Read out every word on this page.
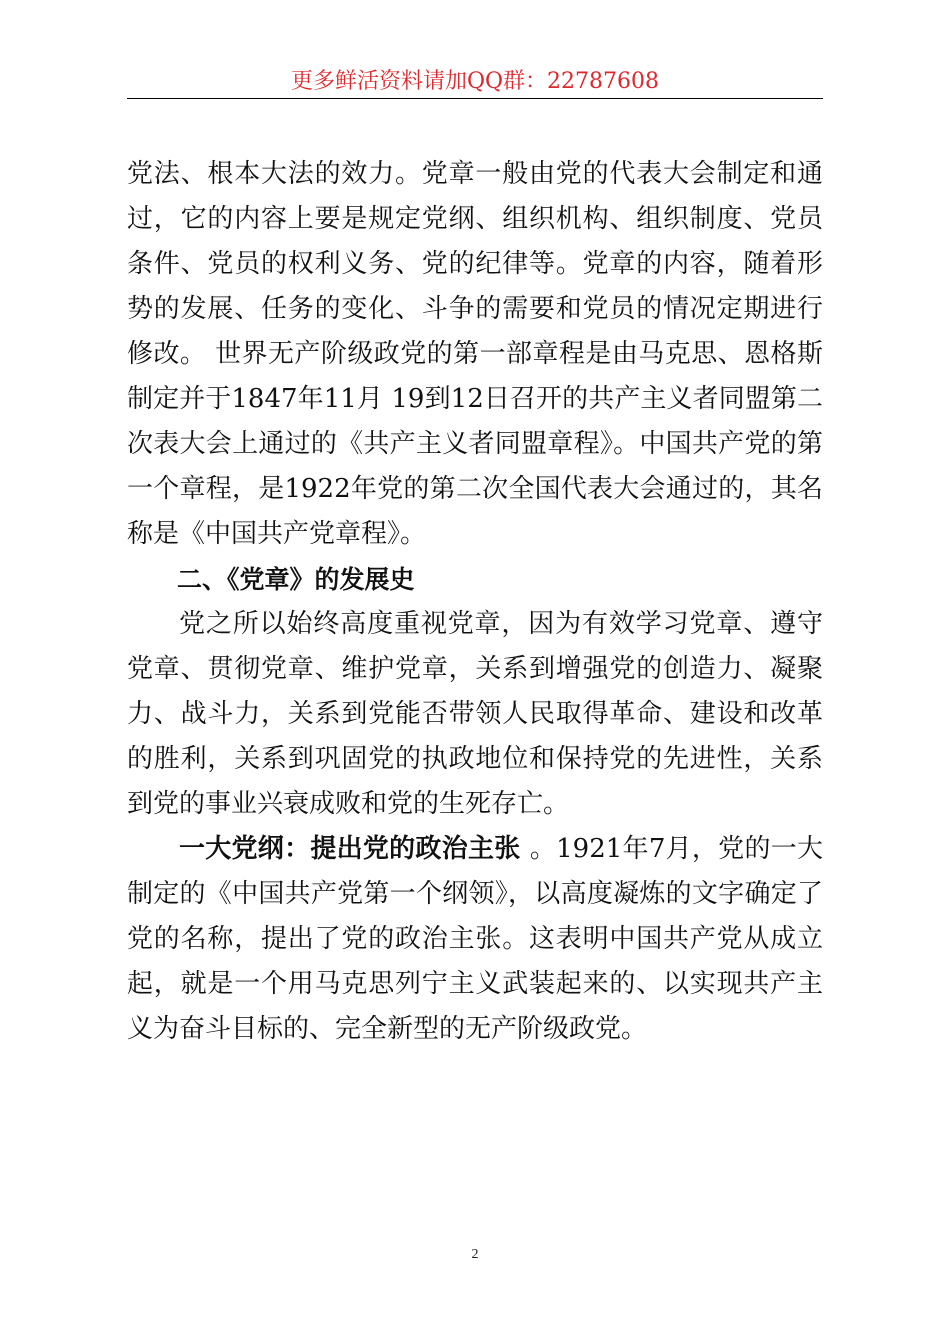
更多鲜活资料请加QQ群：22787608

党法、根本大法的效力。党章一般由党的代表大会制定和通过，它的内容上要是规定党纲、组织机构、组织制度、党员条件、党员的权利义务、党的纪律等。党章的内容，随着形势的发展、任务的变化、斗争的需要和党员的情况定期进行修改。 世界无产阶级政党的第一部章程是由马克思、恩格斯制定并于1847年11月 19到12日召开的共产主义者同盟第二次表大会上通过的《共产主义者同盟章程》。中国共产党的第一个章程，是1922年党的第二次全国代表大会通过的，其名称是《中国共产党章程》。

二、《党章》的发展史

党之所以始终高度重视党章，因为有效学习党章、遵守党章、贯彻党章、维护党章，关系到增强党的创造力、凝聚力、战斗力，关系到党能否带领人民取得革命、建设和改革的胜利，关系到巩固党的执政地位和保持党的先进性，关系到党的事业兴衰成败和党的生死存亡。

一大党纲：提出党的政治主张 。1921年7月，党的一大制定的《中国共产党第一个纲领》，以高度凝炼的文字确定了党的名称，提出了党的政治主张。这表明中国共产党从成立起，就是一个用马克思列宁主义武装起来的、以实现共产主义为奋斗目标的、完全新型的无产阶级政党。

2
